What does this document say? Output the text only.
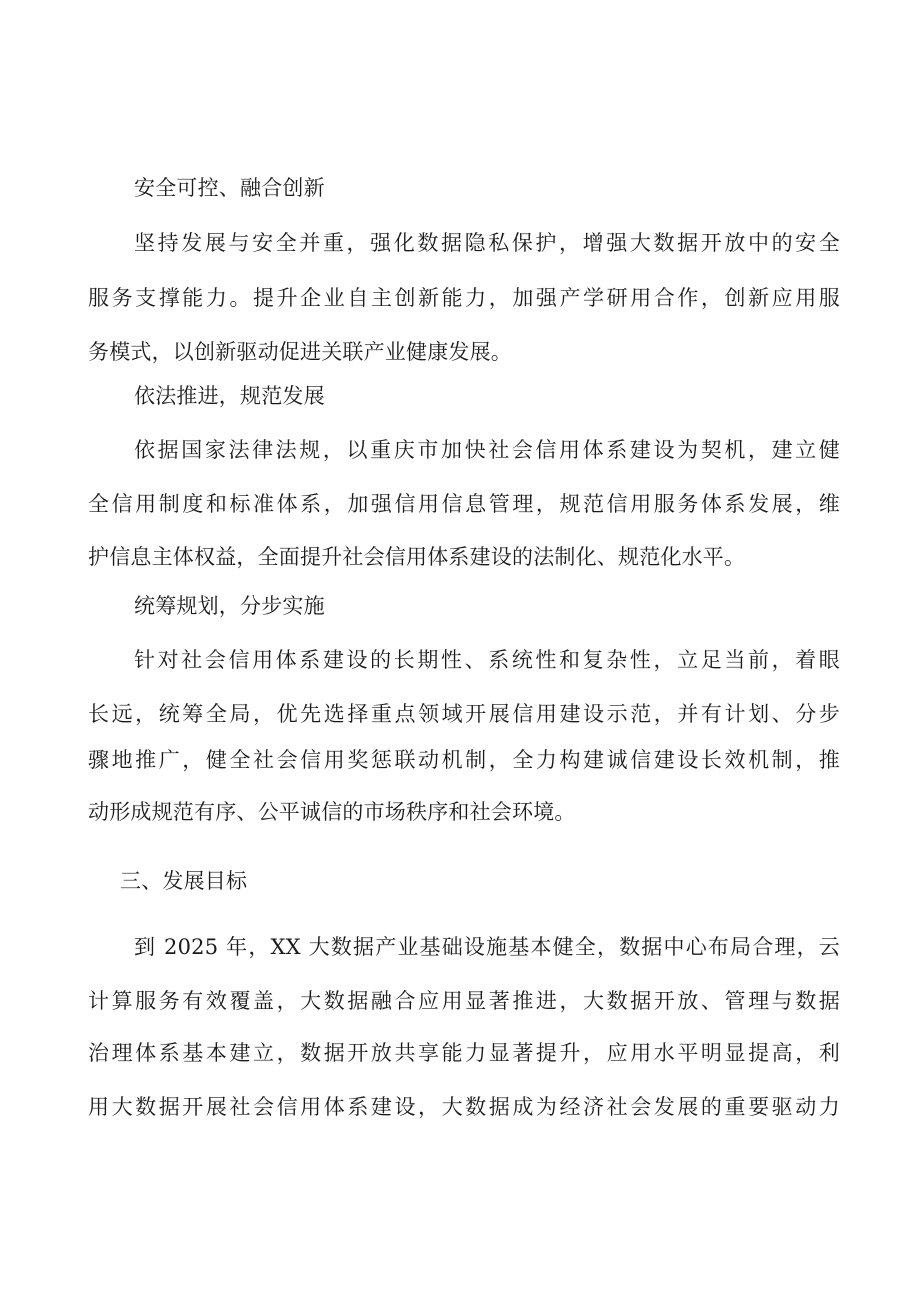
安全可控、融合创新
坚持发展与安全并重，强化数据隐私保护，增强大数据开放中的安全
服务支撑能力。提升企业自主创新能力，加强产学研用合作，创新应用服
务模式，以创新驱动促进关联产业健康发展。
依法推进，规范发展
依据国家法律法规，以重庆市加快社会信用体系建设为契机，建立健
全信用制度和标准体系，加强信用信息管理，规范信用服务体系发展，维
护信息主体权益，全面提升社会信用体系建设的法制化、规范化水平。
统筹规划，分步实施
针对社会信用体系建设的长期性、系统性和复杂性，立足当前，着眼
长远，统筹全局，优先选择重点领域开展信用建设示范，并有计划、分步
骤地推广，健全社会信用奖惩联动机制，全力构建诚信建设长效机制，推
动形成规范有序、公平诚信的市场秩序和社会环境。
三、发展目标
到 2025 年，XX 大数据产业基础设施基本健全，数据中心布局合理，云
计算服务有效覆盖，大数据融合应用显著推进，大数据开放、管理与数据
治理体系基本建立，数据开放共享能力显著提升，应用水平明显提高，利
用大数据开展社会信用体系建设，大数据成为经济社会发展的重要驱动力
